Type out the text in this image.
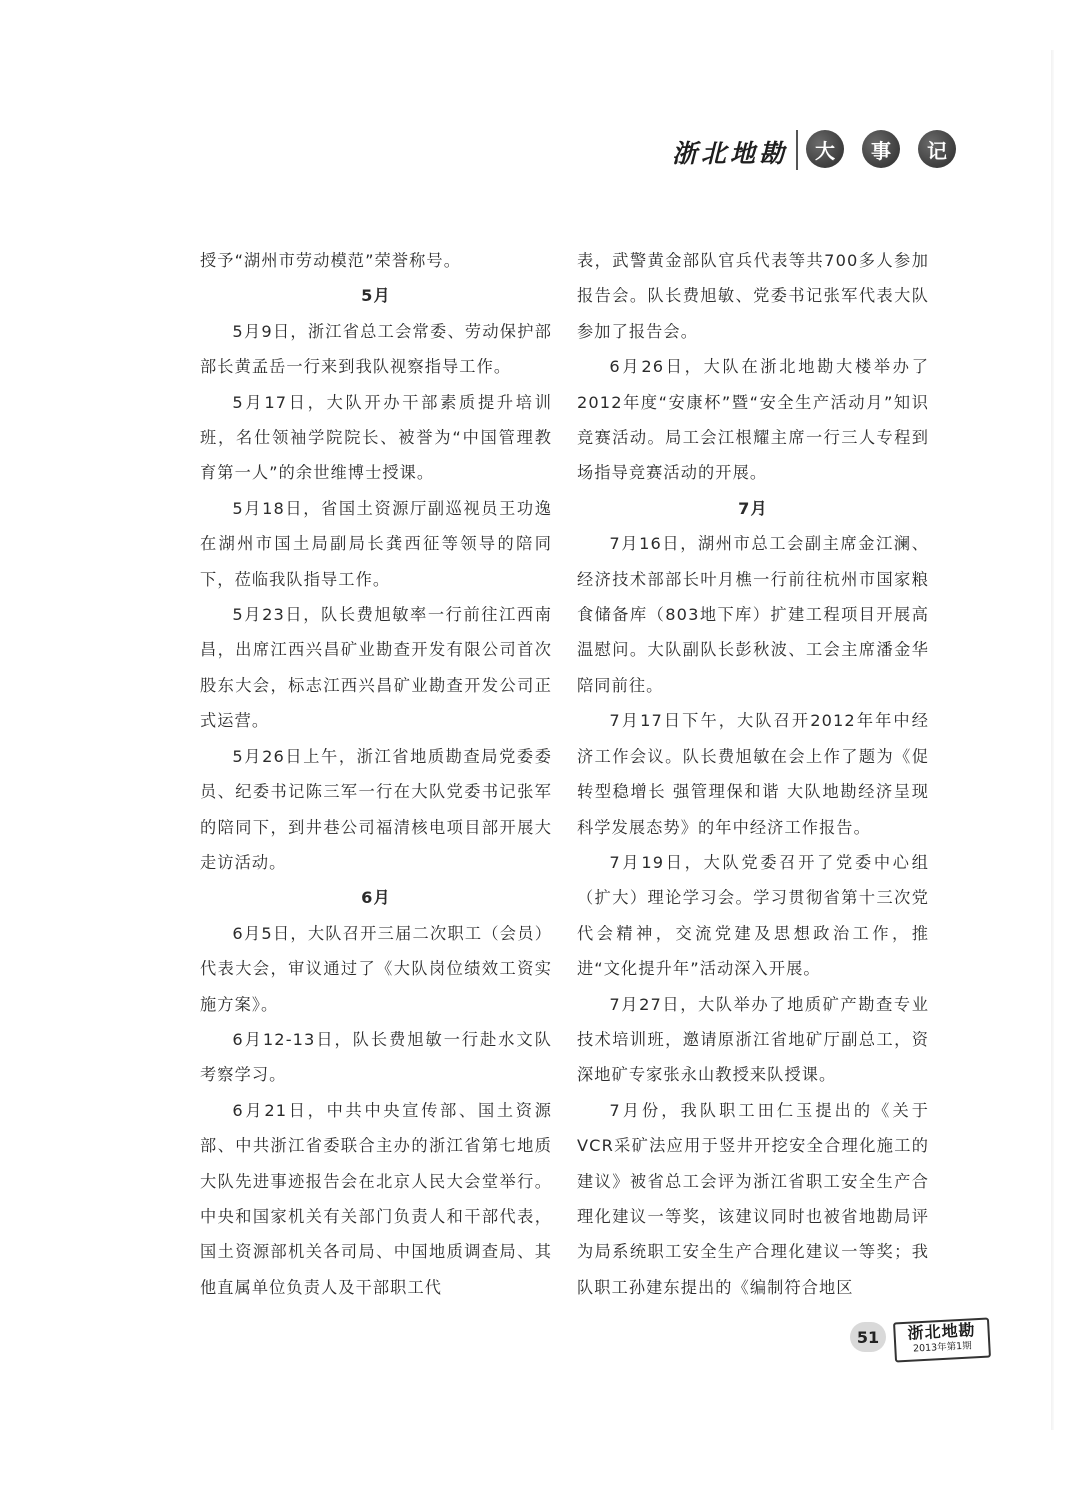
浙北地勘	大	事	记

授予“湖州市劳动模范”荣誉称号。

5月

5月9日，浙江省总工会常委、劳动保护部部长黄孟岳一行来到我队视察指导工作。

5月17日，大队开办干部素质提升培训班，名仕领袖学院院长、被誉为“中国管理教育第一人”的余世维博士授课。

5月18日，省国土资源厅副巡视员王功逸在湖州市国土局副局长龚西征等领导的陪同下，莅临我队指导工作。

5月23日，队长费旭敏率一行前往江西南昌，出席江西兴昌矿业勘查开发有限公司首次股东大会，标志江西兴昌矿业勘查开发公司正式运营。

5月26日上午，浙江省地质勘查局党委委员、纪委书记陈三军一行在大队党委书记张军的陪同下，到井巷公司福清核电项目部开展大走访活动。

6月

6月5日，大队召开三届二次职工（会员）代表大会，审议通过了《大队岗位绩效工资实施方案》。

6月12-13日，队长费旭敏一行赴水文队考察学习。

6月21日，中共中央宣传部、国土资源部、中共浙江省委联合主办的浙江省第七地质大队先进事迹报告会在北京人民大会堂举行。中央和国家机关有关部门负责人和干部代表，国土资源部机关各司局、中国地质调查局、其他直属单位负责人及干部职工代

表，武警黄金部队官兵代表等共700多人参加报告会。队长费旭敏、党委书记张军代表大队参加了报告会。

6月26日，大队在浙北地勘大楼举办了2012年度“安康杯”暨“安全生产活动月”知识竞赛活动。局工会江根耀主席一行三人专程到场指导竞赛活动的开展。

7月

7月16日，湖州市总工会副主席金江澜、经济技术部部长叶月樵一行前往杭州市国家粮食储备库（803地下库）扩建工程项目开展高温慰问。大队副队长彭秋波、工会主席潘金华陪同前往。

7月17日下午，大队召开2012年年中经济工作会议。队长费旭敏在会上作了题为《促转型稳增长 强管理保和谐 大队地勘经济呈现科学发展态势》的年中经济工作报告。

7月19日，大队党委召开了党委中心组（扩大）理论学习会。学习贯彻省第十三次党代会精神，交流党建及思想政治工作，推进“文化提升年”活动深入开展。

7月27日，大队举办了地质矿产勘查专业技术培训班，邀请原浙江省地矿厅副总工，资深地矿专家张永山教授来队授课。

7月份，我队职工田仁玉提出的《关于VCR采矿法应用于竖井开挖安全合理化施工的建议》被省总工会评为浙江省职工安全生产合理化建议一等奖，该建议同时也被省地勘局评为局系统职工安全生产合理化建议一等奖；我队职工孙建东提出的《编制符合地区

51	浙北地勘
2013年第1期
